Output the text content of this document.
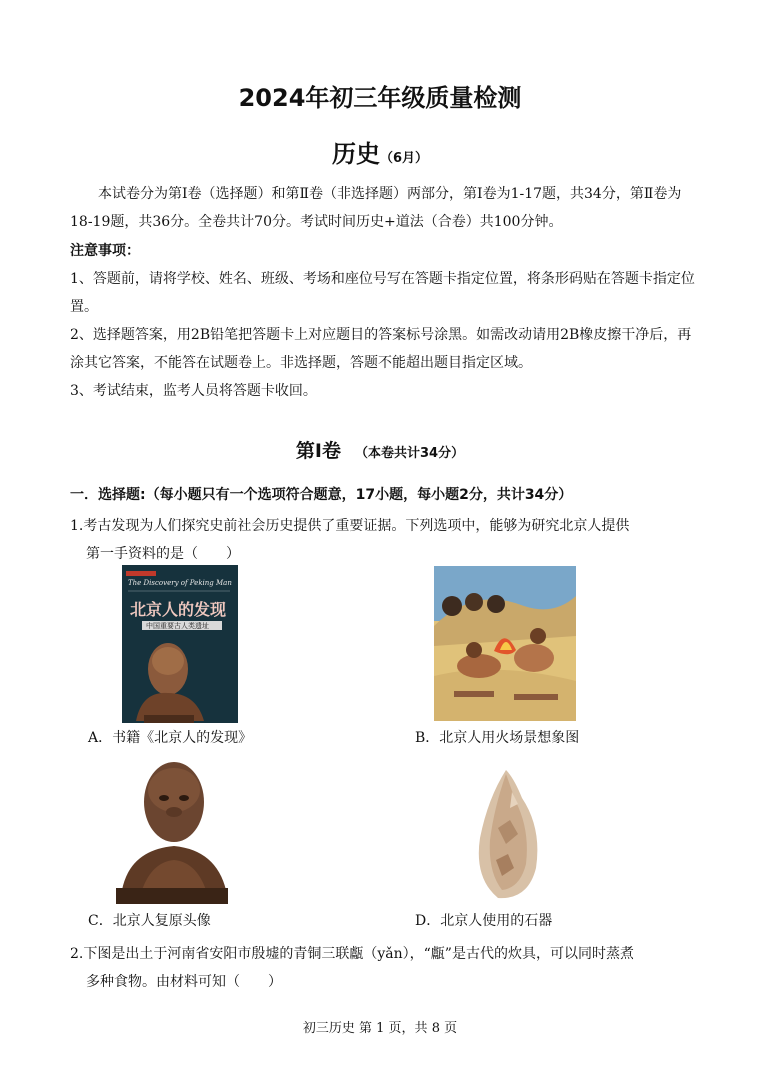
2024年初三年级质量检测
历史（6月）
本试卷分为第Ⅰ卷（选择题）和第Ⅱ卷（非选择题）两部分，第Ⅰ卷为1-17题，共34分，第Ⅱ卷为18-19题，共36分。全卷共计70分。考试时间历史+道法（合卷）共100分钟。
注意事项：
1、答题前，请将学校、姓名、班级、考场和座位号写在答题卡指定位置，将条形码贴在答题卡指定位置。
2、选择题答案，用2B铅笔把答题卡上对应题目的答案标号涂黑。如需改动请用2B橡皮擦干净后，再涂其它答案，不能答在试题卷上。非选择题，答题不能超出题目指定区域。
3、考试结束，监考人员将答题卡收回。
第Ⅰ卷 （本卷共计34分）
一．选择题:（每小题只有一个选项符合题意，17小题，每小题2分，共计34分）
1.考古发现为人们探究史前社会历史提供了重要证据。下列选项中，能够为研究北京人提供
第一手资料的是（　　）
The Discovery of Peking Man
北京人的发现
中国重要古人类遗址
A．书籍《北京人的发现》	B．北京人用火场景想象图
C．北京人复原头像	D．北京人使用的石器
2.下图是出土于河南省安阳市殷墟的青铜三联甗（yǎn），“甗”是古代的炊具，可以同时蒸煮
多种食物。由材料可知（　　）
初三历史 第 1 页，共 8 页
